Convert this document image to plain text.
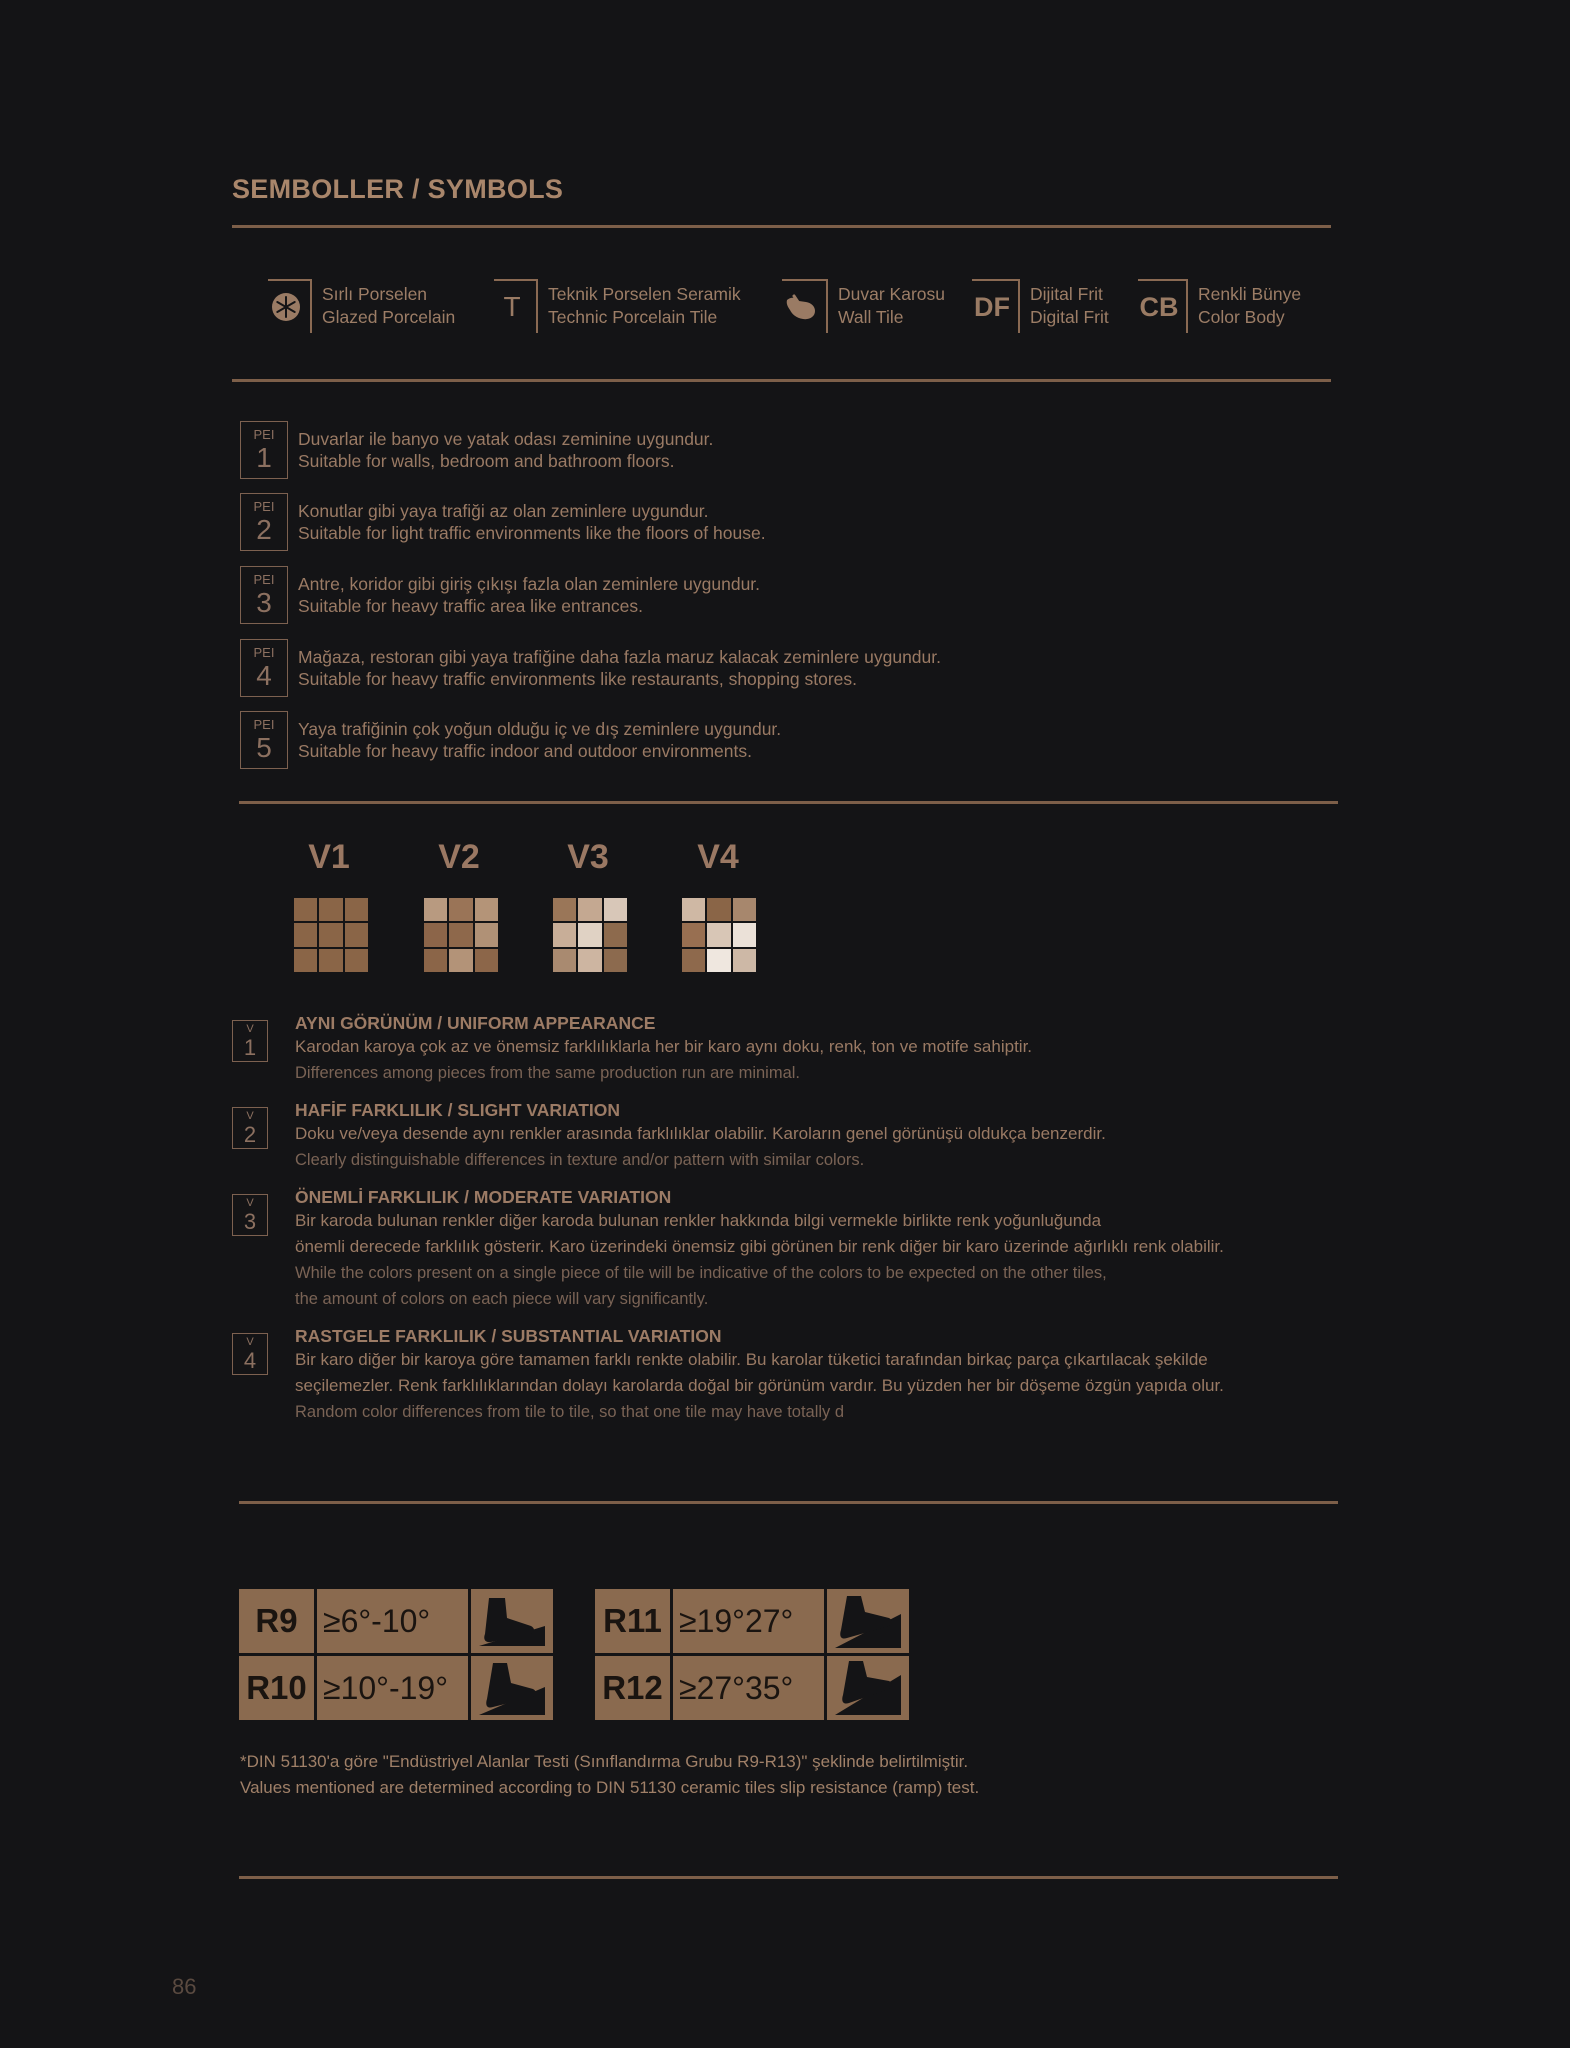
SEMBOLLER / SYMBOLS
Sırlı Porselen
Glazed Porcelain	T	Teknik Porselen Seramik
Technic Porcelain Tile
Duvar Karosu
Wall Tile	DF	Dijital Frit
Digital Frit CB	Renkli Bünye
Color Body
PEI
1
Duvarlar ile banyo ve yatak odası zeminine uygundur.
Suitable for walls, bedroom and bathroom floors.
PEI
2
Konutlar gibi yaya trafiği az olan zeminlere uygundur.
Suitable for light traffic environments like the floors of house.
PEI
3
Antre, koridor gibi giriş çıkışı fazla olan zeminlere uygundur.
Suitable for heavy traffic area like entrances.
PEI
4
Mağaza, restoran gibi yaya trafiğine daha fazla maruz kalacak zeminlere uygundur.
Suitable for heavy traffic environments like restaurants, shopping stores.
PEI
5
Yaya trafiğinin çok yoğun olduğu iç ve dış zeminlere uygundur.
Suitable for heavy traffic indoor and outdoor environments.
V1	V2	V3	V4
V
1
AYNI GÖRÜNÜM / UNIFORM APPEARANCE
Karodan karoya çok az ve önemsiz farklılıklarla her bir karo aynı doku, renk, ton ve motife sahiptir.
Differences among pieces from the same production run are minimal.
V
2
HAFİF FARKLILIK / SLIGHT VARIATION
Doku ve/veya desende aynı renkler arasında farklılıklar olabilir. Karoların genel görünüşü oldukça benzerdir.
Clearly distinguishable differences in texture and/or pattern with similar colors.
V
3
ÖNEMLİ FARKLILIK / MODERATE VARIATION
Bir karoda bulunan renkler diğer karoda bulunan renkler hakkında bilgi vermekle birlikte renk yoğunluğunda
önemli derecede farklılık gösterir. Karo üzerindeki önemsiz gibi görünen bir renk diğer bir karo üzerinde ağırlıklı renk olabilir.
While the colors present on a single piece of tile will be indicative of the colors to be expected on the other tiles,
the amount of colors on each piece will vary significantly.
V
4
RASTGELE FARKLILIK / SUBSTANTIAL VARIATION
Bir karo diğer bir karoya göre tamamen farklı renkte olabilir. Bu karolar tüketici tarafından birkaç parça çıkartılacak şekilde
seçilemezler. Renk farklılıklarından dolayı karolarda doğal bir görünüm vardır. Bu yüzden her bir döşeme özgün yapıda olur.
Random color differences from tile to tile, so that one tile may have totally d
R9 ≥6°-10°
R10 ≥10°-19°
R11 ≥19°27°
R12 ≥27°35°
*DIN 51130'a göre "Endüstriyel Alanlar Testi (Sınıflandırma Grubu R9-R13)" şeklinde belirtilmiştir.
Values mentioned are determined according to DIN 51130 ceramic tiles slip resistance (ramp) test.
86
